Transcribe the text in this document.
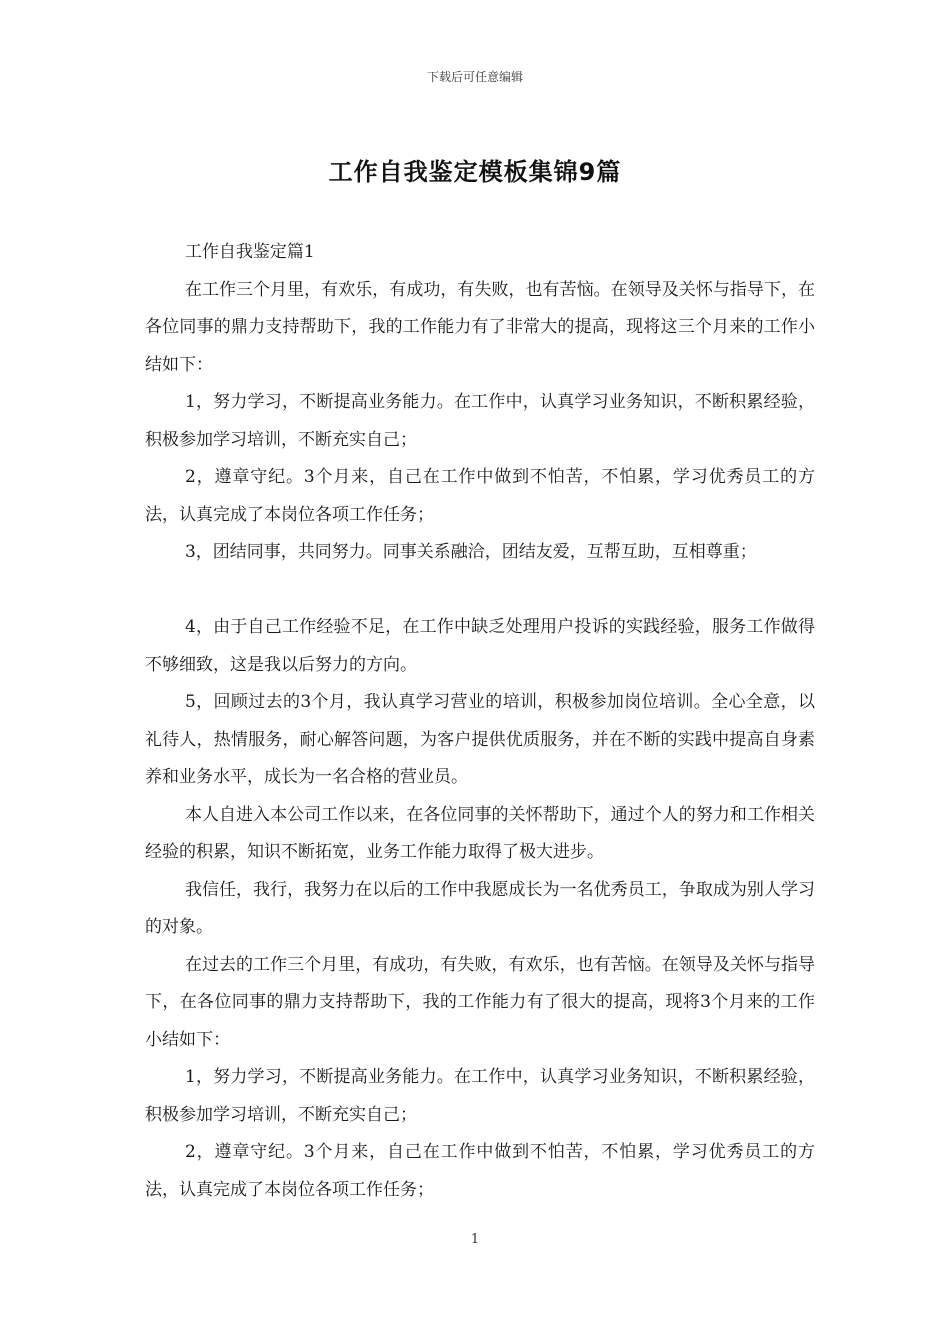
下载后可任意编辑
工作自我鉴定模板集锦9篇

工作自我鉴定篇1

在工作三个月里，有欢乐，有成功，有失败，也有苦恼。在领导及关怀与指导下，在各位同事的鼎力支持帮助下，我的工作能力有了非常大的提高，现将这三个月来的工作小结如下：

1，努力学习，不断提高业务能力。在工作中，认真学习业务知识，不断积累经验，积极参加学习培训，不断充实自己；

2，遵章守纪。3个月来，自己在工作中做到不怕苦，不怕累，学习优秀员工的方法，认真完成了本岗位各项工作任务；

3，团结同事，共同努力。同事关系融洽，团结友爱，互帮互助，互相尊重；

4，由于自己工作经验不足，在工作中缺乏处理用户投诉的实践经验，服务工作做得不够细致，这是我以后努力的方向。

5，回顾过去的3个月，我认真学习营业的培训，积极参加岗位培训。全心全意，以礼待人，热情服务，耐心解答问题，为客户提供优质服务，并在不断的实践中提高自身素养和业务水平，成长为一名合格的营业员。

本人自进入本公司工作以来，在各位同事的关怀帮助下，通过个人的努力和工作相关经验的积累，知识不断拓宽，业务工作能力取得了极大进步。

我信任，我行，我努力在以后的工作中我愿成长为一名优秀员工，争取成为别人学习的对象。

在过去的工作三个月里，有成功，有失败，有欢乐，也有苦恼。在领导及关怀与指导下，在各位同事的鼎力支持帮助下，我的工作能力有了很大的提高，现将3个月来的工作小结如下：

1，努力学习，不断提高业务能力。在工作中，认真学习业务知识，不断积累经验，积极参加学习培训，不断充实自己；

2，遵章守纪。3个月来，自己在工作中做到不怕苦，不怕累，学习优秀员工的方法，认真完成了本岗位各项工作任务；

1
